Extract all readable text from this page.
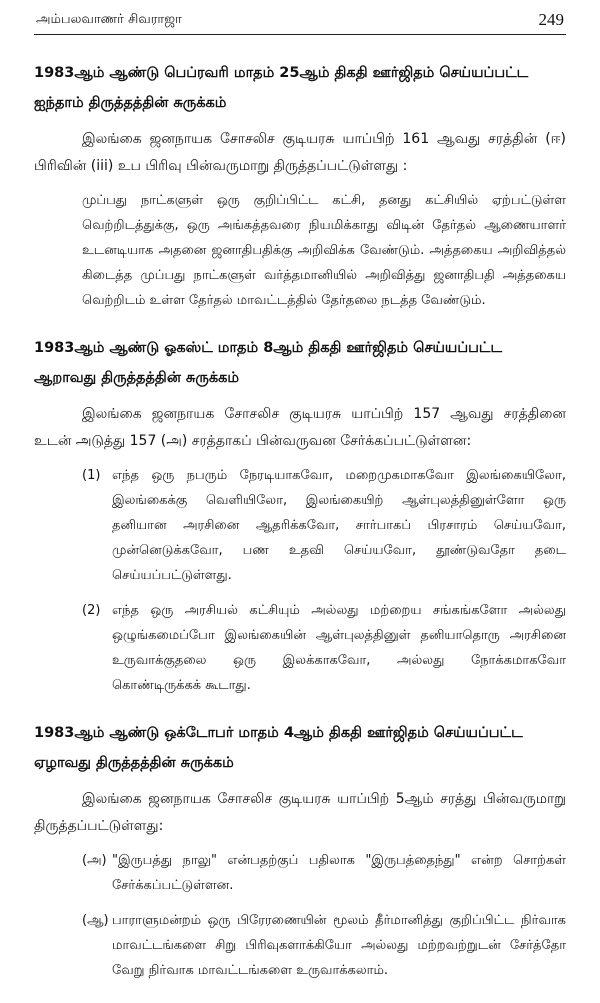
அம்பலவாணர் சிவராஜா	249
1983ஆம் ஆண்டு பெப்ரவரி மாதம் 25ஆம் திகதி ஊர்ஜிதம் செய்யப்பட்ட ஐந்தாம் திருத்தத்தின் சுருக்கம்

இலங்கை ஜனநாயக சோசலிச குடியரசு யாப்பிற் 161 ஆவது சரத்தின் (ஈ) பிரிவின் (iii) உப பிரிவு பின்வருமாறு திருத்தப்பட்டுள்ளது :

முப்பது நாட்களுள் ஒரு குறிப்பிட்ட கட்சி, தனது கட்சியில் ஏற்பட்டுள்ள வெற்றிடத்துக்கு, ஒரு அங்கத்தவரை நியமிக்காது விடின் தேர்தல் ஆணையாளர் உடனடியாக அதனை ஜனாதிபதிக்கு அறிவிக்க வேண்டும். அத்தகைய அறிவித்தல் கிடைத்த முப்பது நாட்களுள் வர்த்தமானியில் அறிவித்து ஜனாதிபதி அத்தகைய வெற்றிடம் உள்ள தேர்தல் மாவட்டத்தில் தேர்தலை நடத்த வேண்டும்.

1983ஆம் ஆண்டு ஓகஸ்ட் மாதம் 8ஆம் திகதி ஊர்ஜிதம் செய்யப்பட்ட ஆறாவது திருத்தத்தின் சுருக்கம்

இலங்கை ஜனநாயக சோசலிச குடியரசு யாப்பிற் 157 ஆவது சரத்தினை உடன் அடுத்து 157 (அ) சரத்தாகப் பின்வருவன சேர்க்கப்பட்டுள்ளன:

(1) எந்த ஒரு நபரும் நேரடியாகவோ, மறைமுகமாகவோ இலங்கையிலோ, இலங்கைக்கு வெளியிலோ, இலங்கையிற் ஆள்புலத்தினுள்ளோ ஒரு தனியான அரசினை ஆதரிக்கவோ, சார்பாகப் பிரசாரம் செய்யவோ, முன்னெடுக்கவோ, பண உதவி செய்யவோ, தூண்டுவதோ தடை செய்யப்பட்டுள்ளது.
(2) எந்த ஒரு அரசியல் கட்சியும் அல்லது மற்றைய சங்கங்களோ அல்லது ஒழுங்கமைப்போ இலங்கையின் ஆள்புலத்தினுள் தனியாதொரு அரசினை உருவாக்குதலை ஒரு இலக்காகவோ, அல்லது நோக்கமாகவோ கொண்டிருக்கக் கூடாது.
1983ஆம் ஆண்டு ஒக்டோபர் மாதம் 4ஆம் திகதி ஊர்ஜிதம் செய்யப்பட்ட ஏழாவது திருத்தத்தின் சுருக்கம்

இலங்கை ஜனநாயக சோசலிச குடியரசு யாப்பிற் 5ஆம் சரத்து பின்வருமாறு திருத்தப்பட்டுள்ளது:

(அ) "இருபத்து நாலு" என்பதற்குப் பதிலாக "இருபத்தைந்து" என்ற சொற்கள் சேர்க்கப்பட்டுள்ளன.
(ஆ) பாராளுமன்றம் ஒரு பிரேரணையின் மூலம் தீர்மானித்து குறிப்பிட்ட நிர்வாக மாவட்டங்களை சிறு பிரிவுகளாக்கியோ அல்லது மற்றவற்றுடன் சேர்த்தோ வேறு நிர்வாக மாவட்டங்களை உருவாக்கலாம்.
